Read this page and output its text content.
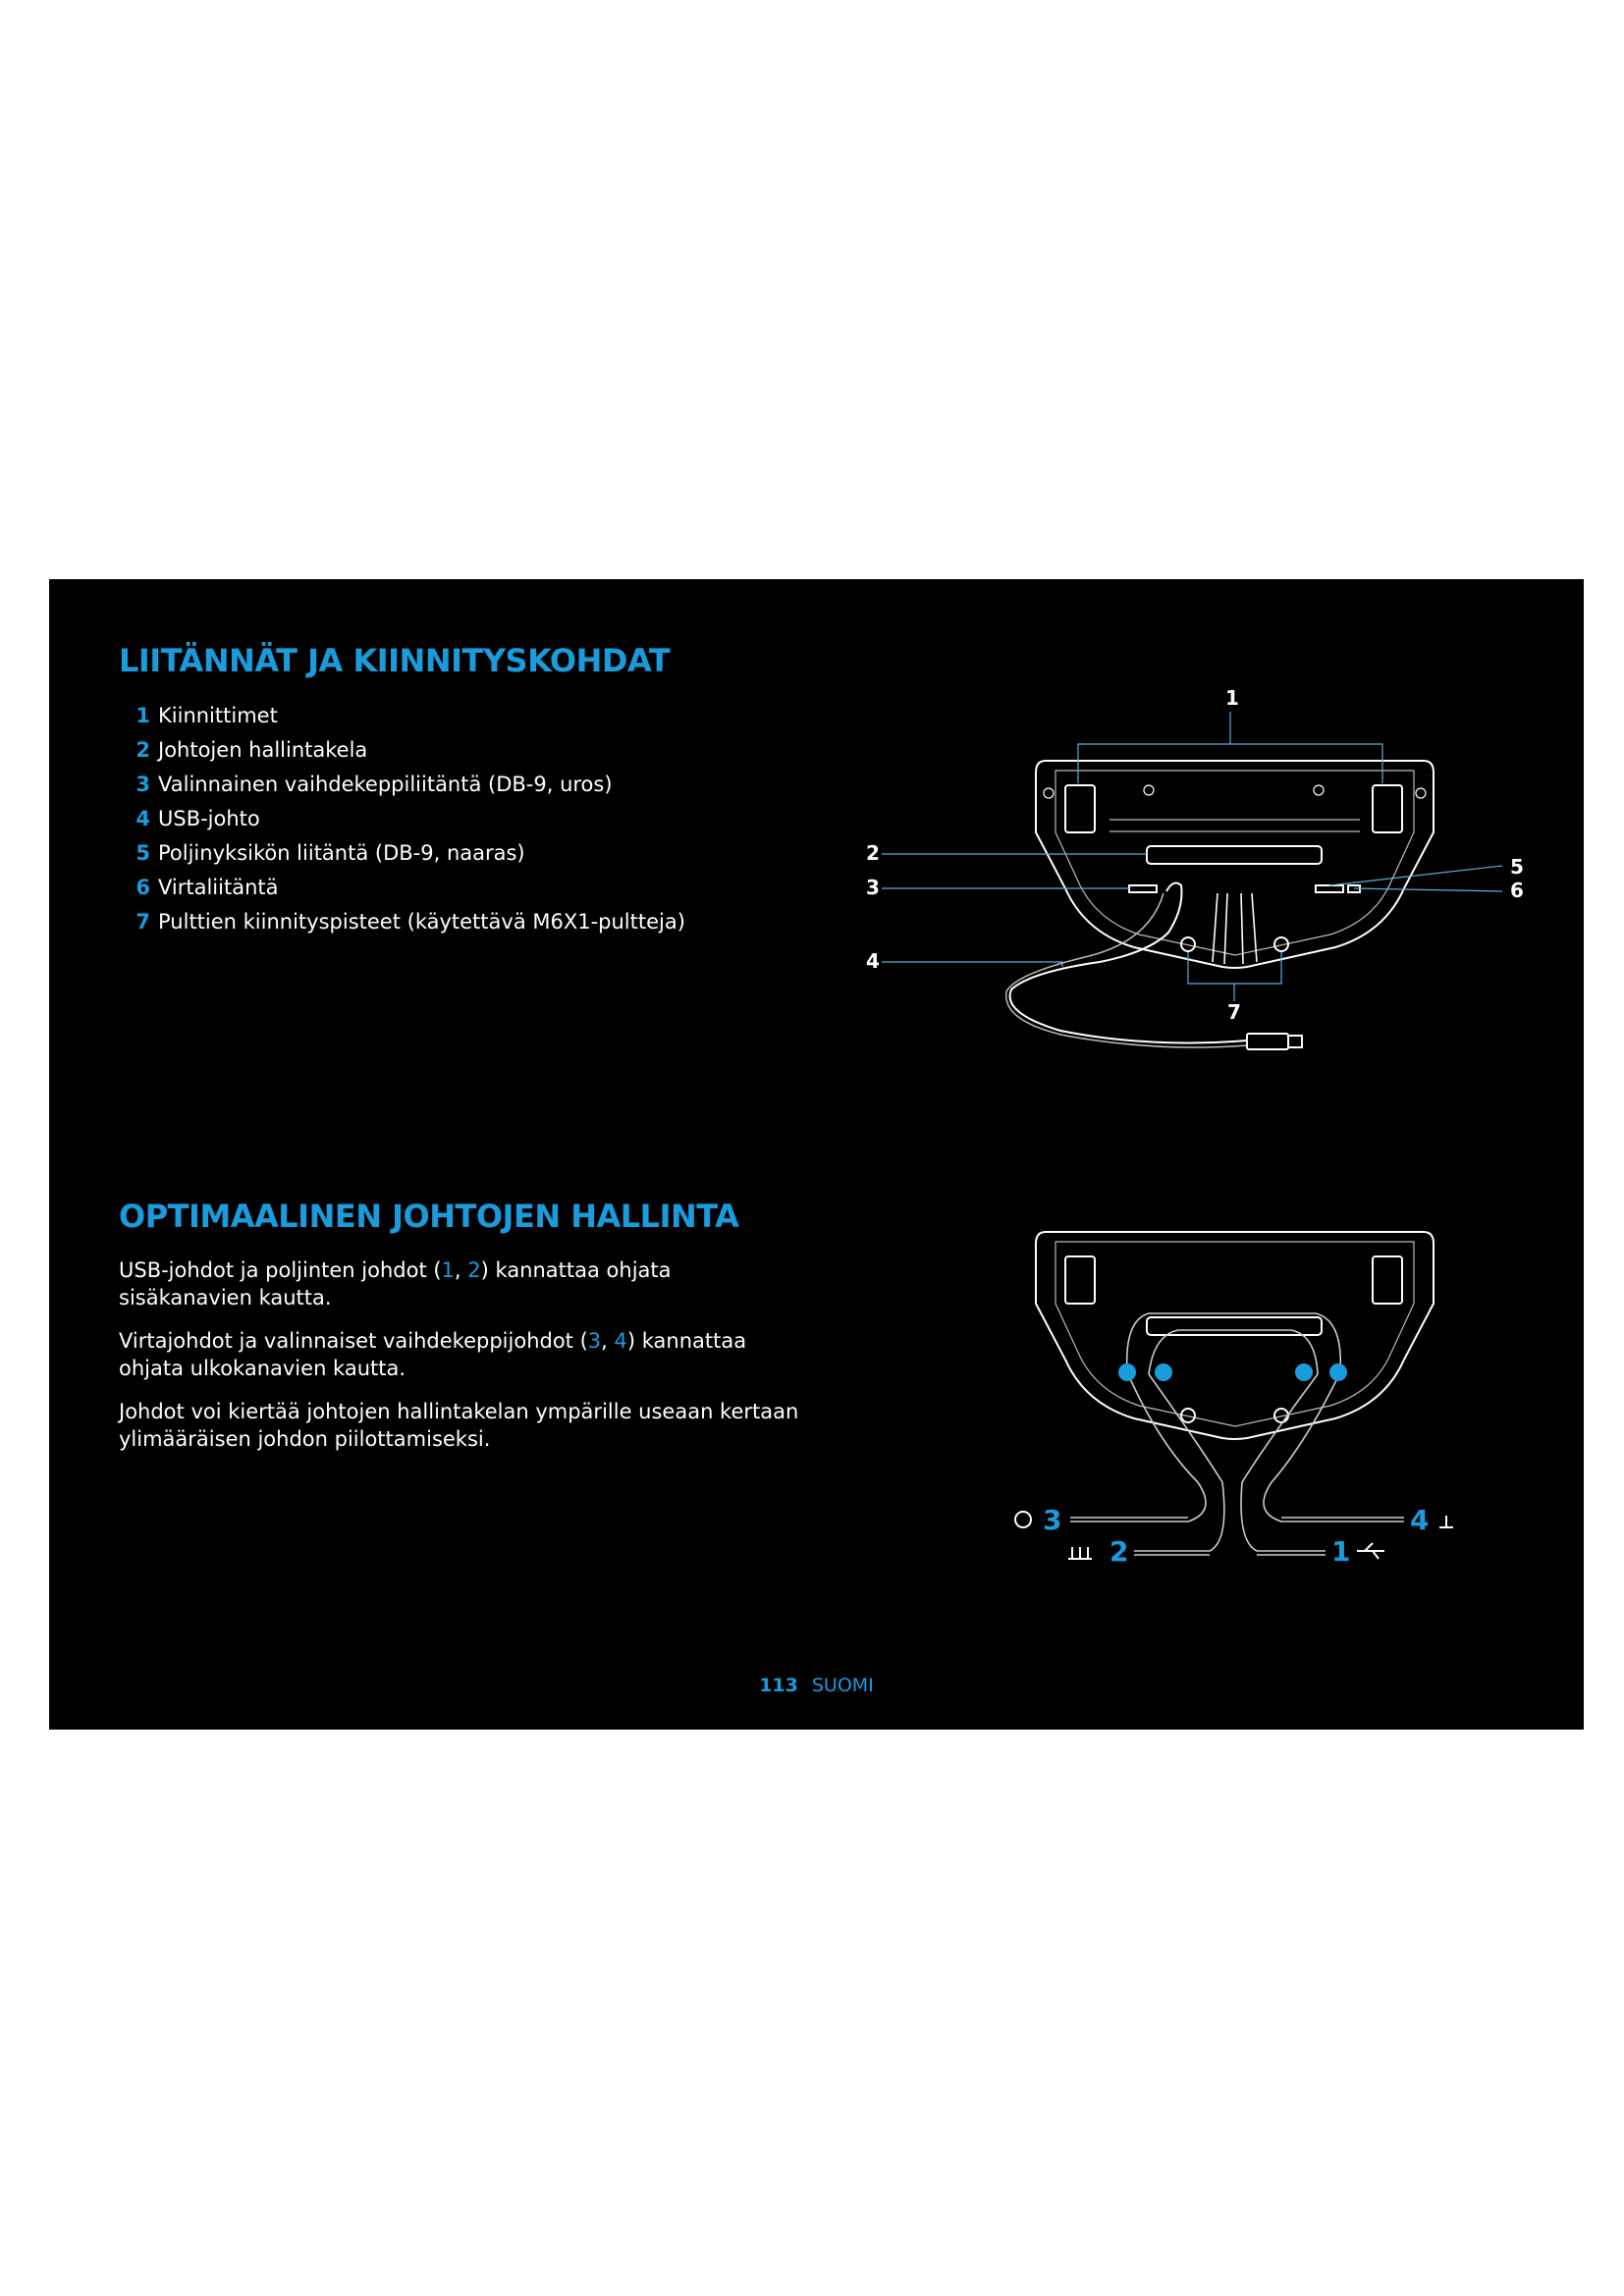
LIITÄNNÄT JA KIINNITYSKOHDAT
1 Kiinnittimet
2 Johtojen hallintakela
3 Valinnainen vaihdekeppiliitäntä (DB-9, uros)
4 USB-johto
5 Poljinyksikön liitäntä (DB-9, naaras)
6 Virtaliitäntä
7 Pulttien kiinnityspisteet (käytettävä M6X1-pultteja)
1
2
3
4
5
6
7
OPTIMAALINEN JOHTOJEN HALLINTA

USB-johdot ja poljinten johdot (1, 2) kannattaa ohjata sisäkanavien kautta.

Virtajohdot ja valinnaiset vaihdekeppijohdot (3, 4) kannattaa ohjata ulkokanavien kautta.

Johdot voi kiertää johtojen hallintakelan ympärille useaan kertaan ylimääräisen johdon piilottamiseksi.

3
2
4
1
113 SUOMI
